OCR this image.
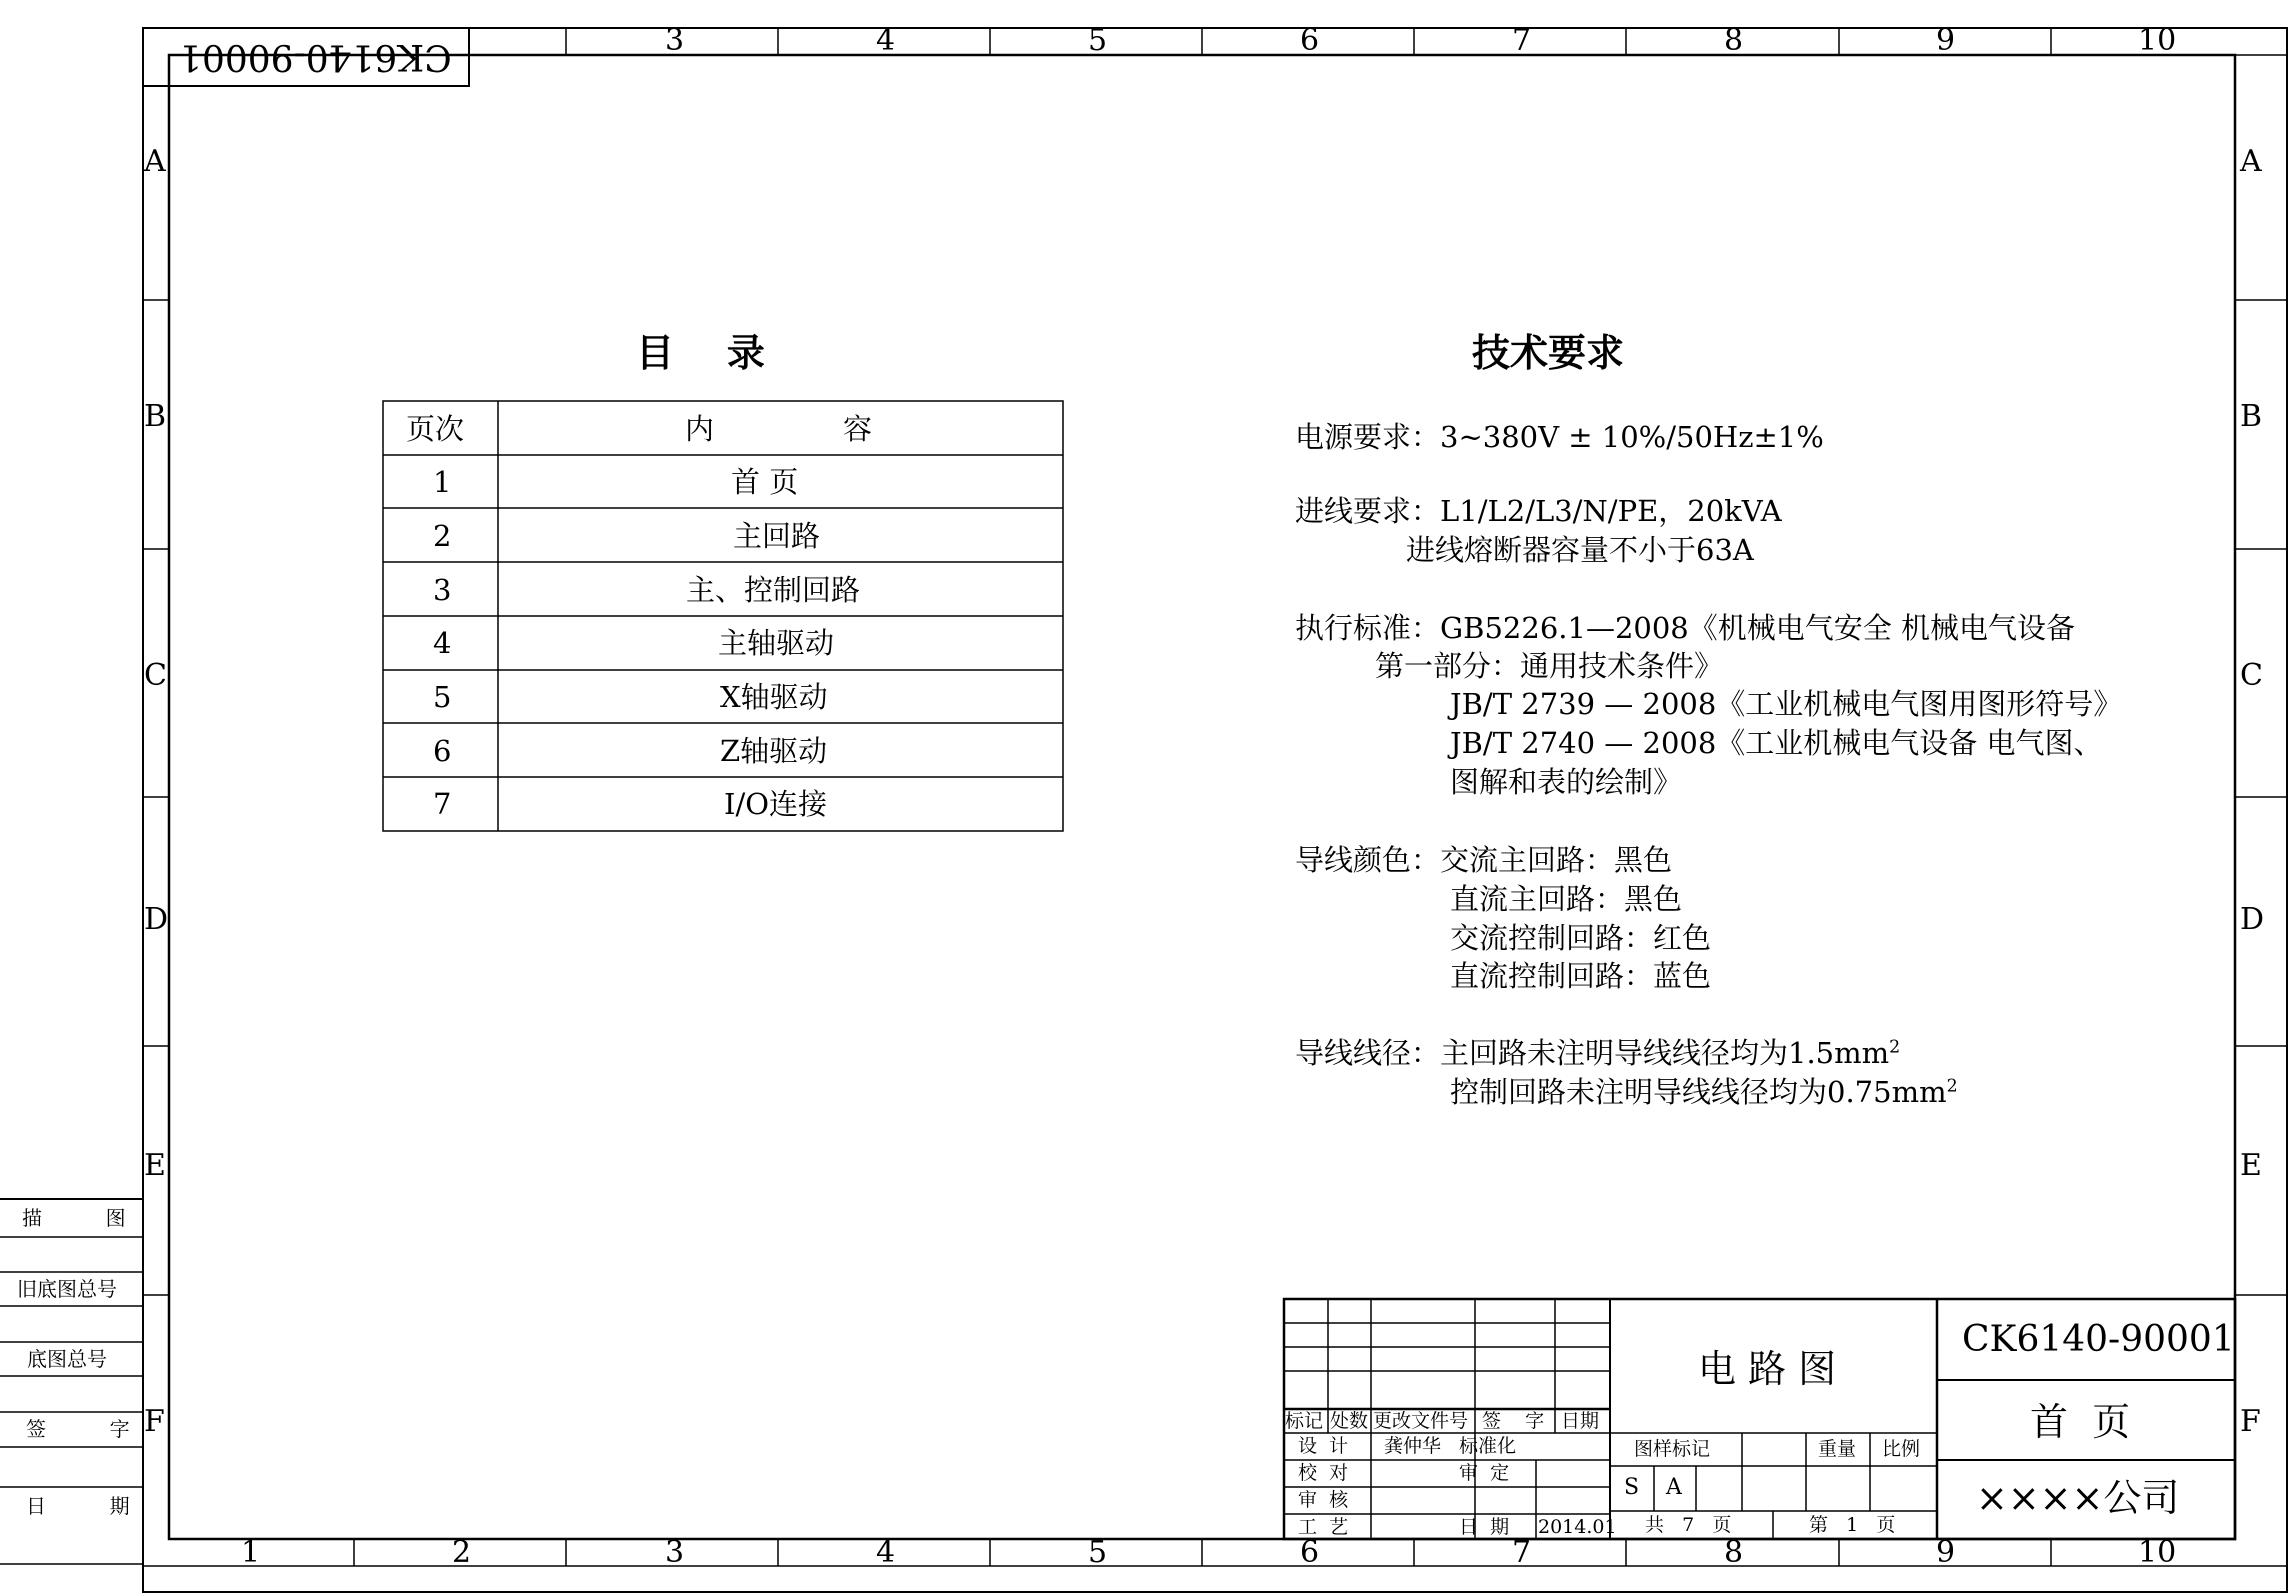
CK6140-90001	3	4	5	6	7	8	9	10
1	2	3	4	5	6	7	8	9	10
A
B
C
D
E
F
A
B
C
D
E
F
描          图
旧底图总号
底图总号
签          字
日          期
目    录
页次	内              容
1	首 页
2	主回路
3	主、控制回路
4	主轴驱动
5	X轴驱动
6	Z轴驱动
7	I/O连接
技术要求
电源要求：3~380V ± 10%/50Hz±1%
进线要求：L1/L2/L3/N/PE，20kVA
进线熔断器容量不小于63A
执行标准：GB5226.1—2008《机械电气安全 机械电气设备
第一部分：通用技术条件》
JB/T 2739 — 2008《工业机械电气图用图形符号》
JB/T 2740 — 2008《工业机械电气设备 电气图、
图解和表的绘制》
导线颜色：交流主回路：黑色
直流主回路：黑色
交流控制回路：红色
直流控制回路：蓝色
导线线径：主回路未注明导线线径均为$1.5mm^2$
控制回路未注明导线线径均为$0.75mm^2$
标记 处数 更改文件号 签    字 日期
设  计 龚仲华 标准化
校  对	审  定
审  核
工  艺	日  期 2014.01
电 路 图
图样标记	重量 比例
S A
共   7   页	第   1   页
CK6140-90001
首  页
××××公司
